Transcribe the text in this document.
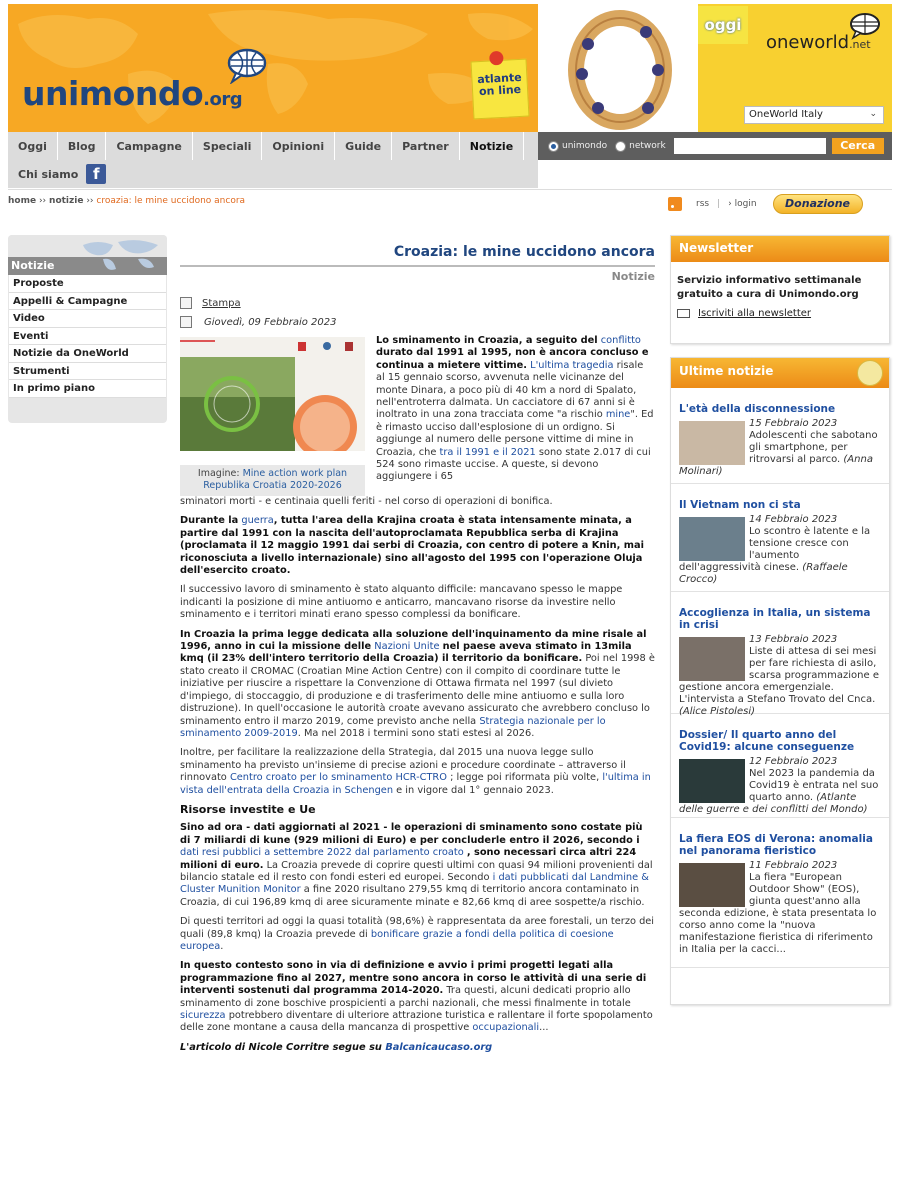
unimondo.org
atlante
on line
oggi
oneworld.net
OneWorld Italy	⌄
Oggi	Blog	Campagne	Speciali	Opinioni	Guide	Partner	Notizie
Chi siamo f
unimondo network	Cerca
home ›› notizie ›› croazia: le mine uccidono ancora	rss | › login	Donazione
Notizie
Proposte
Appelli & Campagne
Video
Eventi
Notizie da OneWorld
Strumenti
In primo piano
Croazia: le mine uccidono ancora
Notizie
Stampa
Giovedì, 09 Febbraio 2023
Imagine: Mine action work plan Republika Croatia 2020-2026

Lo sminamento in Croazia, a seguito del conflitto durato dal 1991 al 1995, non è ancora concluso e continua a mietere vittime. L'ultima tragedia risale al 15 gennaio scorso, avvenuta nelle vicinanze del monte Dinara, a poco più di 40 km a nord di Spalato, nell'entroterra dalmata. Un cacciatore di 67 anni si è inoltrato in una zona tracciata come "a rischio mine". Ed è rimasto ucciso dall'esplosione di un ordigno. Si aggiunge al numero delle persone vittime di mine in Croazia, che tra il 1991 e il 2021 sono state 2.017 di cui 524 sono rimaste uccise. A queste, si devono aggiungere i 65

sminatori morti - e centinaia quelli feriti - nel corso di operazioni di bonifica.

Durante la guerra, tutta l'area della Krajina croata è stata intensamente minata, a partire dal 1991 con la nascita dell'autoproclamata Repubblica serba di Krajina (proclamata il 12 maggio 1991 dai serbi di Croazia, con centro di potere a Knin, mai riconosciuta a livello internazionale) sino all'agosto del 1995 con l'operazione Oluja dell'esercito croato.

Il successivo lavoro di sminamento è stato alquanto difficile: mancavano spesso le mappe indicanti la posizione di mine antiuomo e anticarro, mancavano risorse da investire nello sminamento e i territori minati erano spesso complessi da bonificare.

In Croazia la prima legge dedicata alla soluzione dell'inquinamento da mine risale al 1996, anno in cui la missione delle Nazioni Unite nel paese aveva stimato in 13mila kmq (il 23% dell'intero territorio della Croazia) il territorio da bonificare. Poi nel 1998 è stato creato il CROMAC (Croatian Mine Action Centre) con il compito di coordinare tutte le iniziative per riuscire a rispettare la Convenzione di Ottawa firmata nel 1997 (sul divieto d'impiego, di stoccaggio, di produzione e di trasferimento delle mine antiuomo e sulla loro distruzione). In quell'occasione le autorità croate avevano assicurato che avrebbero concluso lo sminamento entro il marzo 2019, come previsto anche nella Strategia nazionale per lo sminamento 2009-2019. Ma nel 2018 i termini sono stati estesi al 2026.

Inoltre, per facilitare la realizzazione della Strategia, dal 2015 una nuova legge sullo sminamento ha previsto un'insieme di precise azioni e procedure coordinate – attraverso il rinnovato Centro croato per lo sminamento HCR-CTRO ; legge poi riformata più volte, l'ultima in vista dell'entrata della Croazia in Schengen e in vigore dal 1° gennaio 2023.

Risorse investite e Ue

Sino ad ora - dati aggiornati al 2021 - le operazioni di sminamento sono costate più di 7 miliardi di kune (929 milioni di Euro) e per concluderle entro il 2026, secondo i dati resi pubblici a settembre 2022 dal parlamento croato , sono necessari circa altri 224 milioni di euro. La Croazia prevede di coprire questi ultimi con quasi 94 milioni provenienti dal bilancio statale ed il resto con fondi esteri ed europei. Secondo i dati pubblicati dal Landmine & Cluster Munition Monitor a fine 2020 risultano 279,55 kmq di territorio ancora contaminato in Croazia, di cui 196,89 kmq di aree sicuramente minate e 82,66 kmq di aree sospette/a rischio.

Di questi territori ad oggi la quasi totalità (98,6%) è rappresentata da aree forestali, un terzo dei quali (89,8 kmq) la Croazia prevede di bonificare grazie a fondi della politica di coesione europea.

In questo contesto sono in via di definizione e avvio i primi progetti legati alla programmazione fino al 2027, mentre sono ancora in corso le attività di una serie di interventi sostenuti dal programma 2014-2020. Tra questi, alcuni dedicati proprio allo sminamento di zone boschive prospicienti a parchi nazionali, che messi finalmente in totale sicurezza potrebbero diventare di ulteriore attrazione turistica e rallentare il forte spopolamento delle zone montane a causa della mancanza di prospettive occupazionali...

L'articolo di Nicole Corritre segue su Balcanicaucaso.org

Newsletter
Servizio informativo settimanale gratuito a cura di Unimondo.org
Iscriviti alla newsletter
Ultime notizie
L'età della disconnessione
15 Febbraio 2023
Adolescenti che sabotano gli smartphone, per ritrovarsi al parco. (Anna Molinari)
Il Vietnam non ci sta
14 Febbraio 2023
Lo scontro è latente e la tensione cresce con l'aumento dell'aggressività cinese. (Raffaele Crocco)
Accoglienza in Italia, un sistema in crisi
13 Febbraio 2023
Liste di attesa di sei mesi per fare richiesta di asilo, scarsa programmazione e gestione ancora emergenziale. L'intervista a Stefano Trovato del Cnca. (Alice Pistolesi)
Dossier/ Il quarto anno del Covid19: alcune conseguenze
12 Febbraio 2023
Nel 2023 la pandemia da Covid19 è entrata nel suo quarto anno. (Atlante delle guerre e dei conflitti del Mondo)
La fiera EOS di Verona: anomalia nel panorama fieristico
11 Febbraio 2023
La fiera "European Outdoor Show" (EOS), giunta quest'anno alla seconda edizione, è stata presentata lo corso anno come la "nuova manifestazione fieristica di riferimento in Italia per la cacci...
